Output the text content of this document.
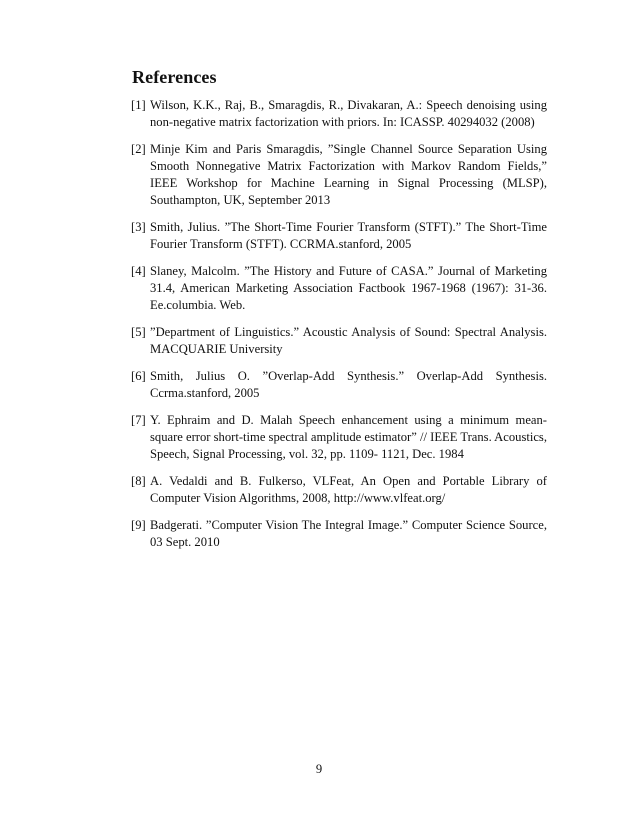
References
[1] Wilson, K.K., Raj, B., Smaragdis, R., Divakaran, A.: Speech denoising using non-negative matrix factorization with priors. In: ICASSP. 40294032 (2008)
[2] Minje Kim and Paris Smaragdis, ”Single Channel Source Separation Using Smooth Nonnegative Matrix Factorization with Markov Random Fields,” IEEE Workshop for Machine Learning in Signal Processing (MLSP), Southampton, UK, September 2013
[3] Smith, Julius. ”The Short-Time Fourier Transform (STFT).” The Short-Time Fourier Transform (STFT). CCRMA.stanford, 2005
[4] Slaney, Malcolm. ”The History and Future of CASA.” Journal of Marketing 31.4, American Marketing Association Factbook 1967-1968 (1967): 31-36. Ee.columbia. Web.
[5] ”Department of Linguistics.” Acoustic Analysis of Sound: Spectral Analysis. MACQUARIE University
[6] Smith, Julius O. ”Overlap-Add Synthesis.” Overlap-Add Synthesis. Ccrma.stanford, 2005
[7] Y. Ephraim and D. Malah Speech enhancement using a minimum mean-square error short-time spectral amplitude estimator” // IEEE Trans. Acoustics, Speech, Signal Processing, vol. 32, pp. 1109- 1121, Dec. 1984
[8] A. Vedaldi and B. Fulkerso, VLFeat, An Open and Portable Library of Computer Vision Algorithms, 2008, http://www.vlfeat.org/
[9] Badgerati. ”Computer Vision The Integral Image.” Computer Science Source, 03 Sept. 2010
9
